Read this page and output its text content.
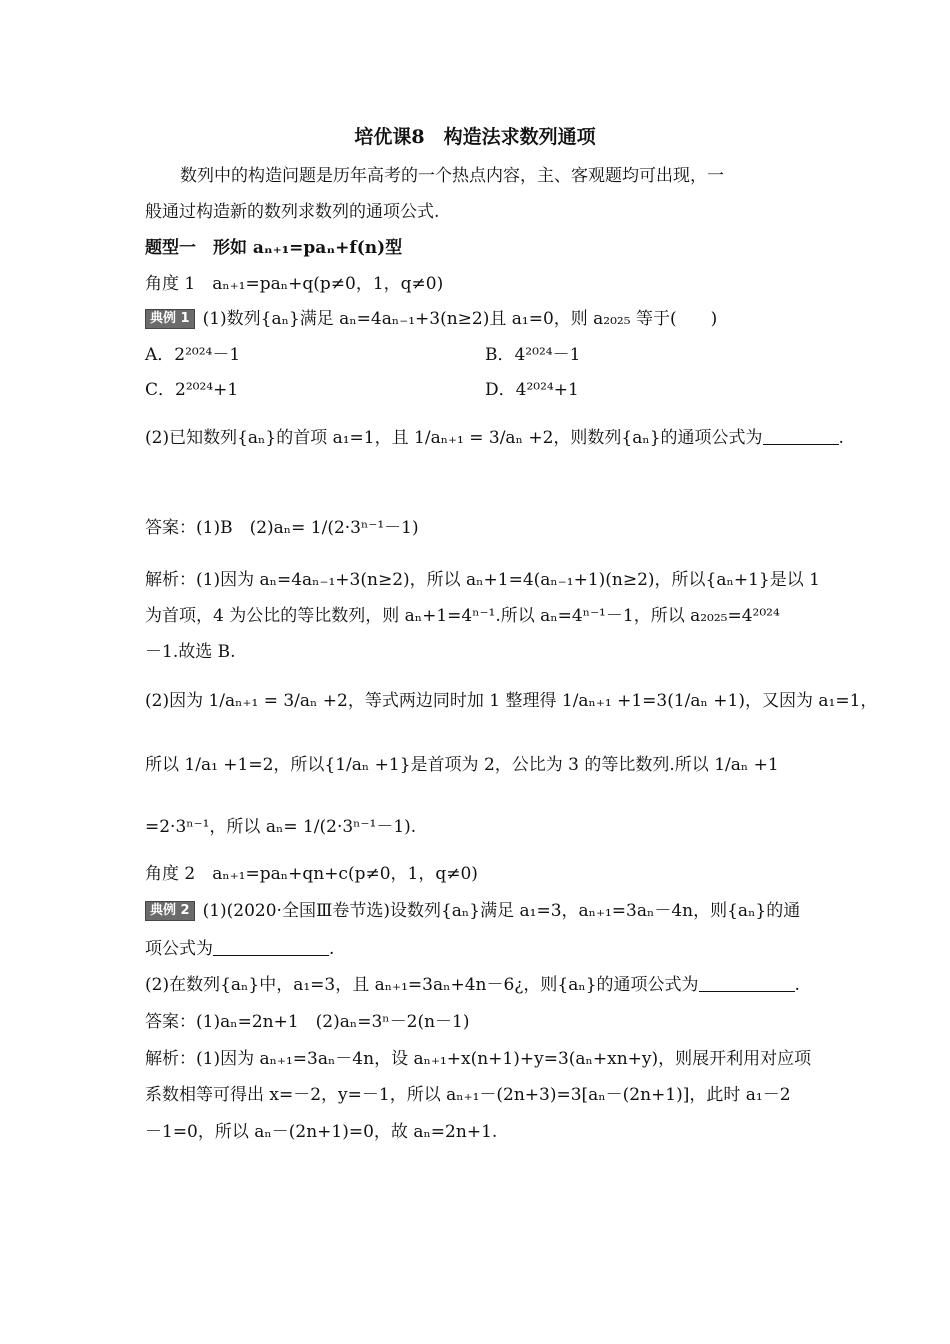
培优课8　构造法求数列通项
数列中的构造问题是历年高考的一个热点内容，主、客观题均可出现，一
般通过构造新的数列求数列的通项公式.
题型一　形如 aₙ₊₁=paₙ+f(n)型
角度 1　aₙ₊₁=paₙ+q(p≠0，1，q≠0)
典例 1 (1)数列{aₙ}满足 aₙ=4aₙ₋₁+3(n≥2)且 a₁=0，则 a₂₀₂₅ 等于(　　)
A．2²⁰²⁴－1	B．4²⁰²⁴－1
C．2²⁰²⁴+1	D．4²⁰²⁴+1
(2)已知数列{aₙ}的首项 a₁=1，且 1/aₙ₊₁ = 3/aₙ +2，则数列{aₙ}的通项公式为	.
答案：(1)B　(2)aₙ= 1/(2·3ⁿ⁻¹－1)
解析：(1)因为 aₙ=4aₙ₋₁+3(n≥2)，所以 aₙ+1=4(aₙ₋₁+1)(n≥2)，所以{aₙ+1}是以 1
为首项，4 为公比的等比数列，则 aₙ+1=4ⁿ⁻¹.所以 aₙ=4ⁿ⁻¹－1，所以 a₂₀₂₅=4²⁰²⁴
－1.故选 B.
(2)因为 1/aₙ₊₁ = 3/aₙ +2，等式两边同时加 1 整理得 1/aₙ₊₁ +1=3(1/aₙ +1)，又因为 a₁=1，
所以 1/a₁ +1=2，所以{1/aₙ +1}是首项为 2，公比为 3 的等比数列.所以 1/aₙ +1
=2·3ⁿ⁻¹，所以 aₙ= 1/(2·3ⁿ⁻¹－1).
角度 2　aₙ₊₁=paₙ+qn+c(p≠0，1，q≠0)
典例 2 (1)(2020·全国Ⅲ卷节选)设数列{aₙ}满足 a₁=3，aₙ₊₁=3aₙ－4n，则{aₙ}的通
项公式为	.
(2)在数列{aₙ}中，a₁=3，且 aₙ₊₁=3aₙ+4n－6¿，则{aₙ}的通项公式为	.
答案：(1)aₙ=2n+1　(2)aₙ=3ⁿ－2(n－1)
解析：(1)因为 aₙ₊₁=3aₙ－4n，设 aₙ₊₁+x(n+1)+y=3(aₙ+xn+y)，则展开利用对应项
系数相等可得出 x=－2，y=－1，所以 aₙ₊₁－(2n+3)=3[aₙ－(2n+1)]，此时 a₁－2
－1=0，所以 aₙ－(2n+1)=0，故 aₙ=2n+1.
